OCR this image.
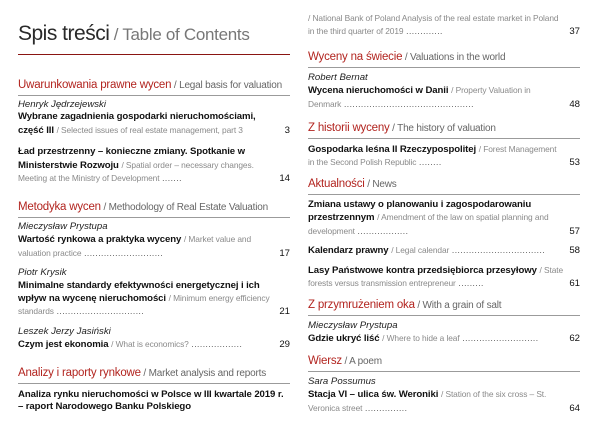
Spis treści / Table of Contents
Uwarunkowania prawne wycen / Legal basis for valuation
Henryk Jędrzejewski
Wybrane zagadnienia gospodarki nieruchomościami, część III / Selected issues of real estate management, part 3	3
Ład przestrzenny – konieczne zmiany. Spotkanie w Ministerstwie Rozwoju / Spatial order – necessary changes. Meeting at the Ministry of Development .......	14
Metodyka wycen / Methodology of Real Estate Valuation
Mieczysław Prystupa
Wartość rynkowa a praktyka wyceny / Market value and valuation practice ............................	17
Piotr Krysik
Minimalne standardy efektywności energetycznej i ich wpływ na wycenę nieruchomości / Minimum energy efficiency standards ...............................	21
Leszek Jerzy Jasiński
Czym jest ekonomia / What is economics? ..................	29
Analizy i raporty rynkowe / Market analysis and reports
Analiza rynku nieruchomości w Polsce w III kwartale 2019 r. – raport Narodowego Banku Polskiego
/ National Bank of Poland Analysis of the real estate market in Poland in the third quarter of 2019 .............	37
Wyceny na świecie / Valuations in the world
Robert Bernat
Wycena nieruchomości w Danii / Property Valuation in Denmark ..............................................	48
Z historii wyceny / The history of valuation
Gospodarka leśna II Rzeczypospolitej / Forest Management in the Second Polish Republic ........	53
Aktualności / News
Zmiana ustawy o planowaniu i zagospodarowaniu przestrzennym / Amendment of the law on spatial planning and development ..................	57
Kalendarz prawny / Legal calendar .................................	58
Lasy Państwowe kontra przedsiębiorca przesyłowy / State forests versus transmission entrepreneur .........	61
Z przymrużeniem oka / With a grain of salt
Mieczysław Prystupa
Gdzie ukryć liść / Where to hide a leaf ...........................	62
Wiersz / A poem
Sara Possumus
Stacja VI – ulica św. Weroniki / Station of the six cross – St. Veronica street ...............	64
